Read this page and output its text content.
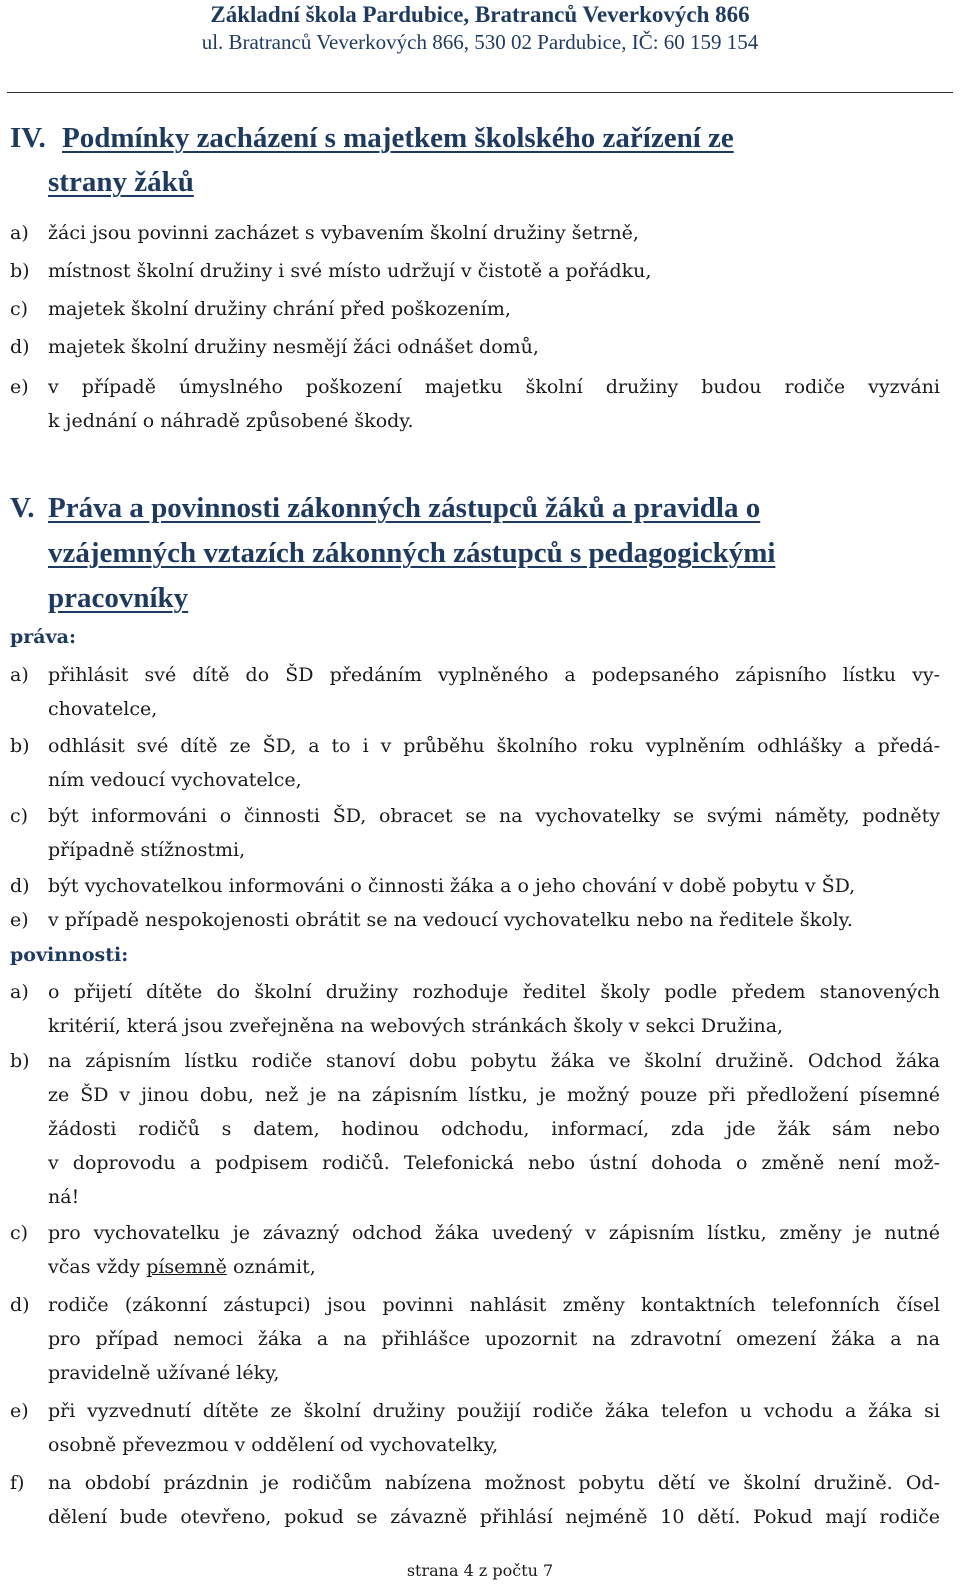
Základní škola Pardubice, Bratranců Veverkových 866
ul. Bratranců Veverkových 866, 530 02 Pardubice, IČ: 60 159 154
IV. Podmínky zacházení s majetkem školského zařízení ze
strany žáků
a) žáci jsou povinni zacházet s vybavením školní družiny šetrně,
b) místnost školní družiny i své místo udržují v čistotě a pořádku,
c) majetek školní družiny chrání před poškozením,
d) majetek školní družiny nesmějí žáci odnášet domů,
e) v případě úmyslného poškození majetku školní družiny budou rodiče vyzváni
k jednání o náhradě způsobené škody.
V. Práva a povinnosti zákonných zástupců žáků a pravidla o
vzájemných vztazích zákonných zástupců s pedagogickými
pracovníky
práva:
a) přihlásit své dítě do ŠD předáním vyplněného a podepsaného zápisního lístku vy-
chovatelce,
b) odhlásit své dítě ze ŠD, a to i v průběhu školního roku vyplněním odhlášky a předá-
ním vedoucí vychovatelce,
c) být informováni o činnosti ŠD, obracet se na vychovatelky se svými náměty, podněty
případně stížnostmi,
d) být vychovatelkou informováni o činnosti žáka a o jeho chování v době pobytu v ŠD,
e) v případě nespokojenosti obrátit se na vedoucí vychovatelku nebo na ředitele školy.
povinnosti:
a) o přijetí dítěte do školní družiny rozhoduje ředitel školy podle předem stanovených
kritérií, která jsou zveřejněna na webových stránkách školy v sekci Družina,
b) na zápisním lístku rodiče stanoví dobu pobytu žáka ve školní družině. Odchod žáka
ze ŠD v jinou dobu, než je na zápisním lístku, je možný pouze při předložení písemné
žádosti rodičů s datem, hodinou odchodu, informací, zda jde žák sám nebo
v doprovodu a podpisem rodičů. Telefonická nebo ústní dohoda o změně není mož-
ná!
c) pro vychovatelku je závazný odchod žáka uvedený v zápisním lístku, změny je nutné
včas vždy písemně oznámit,
d) rodiče (zákonní zástupci) jsou povinni nahlásit změny kontaktních telefonních čísel
pro případ nemoci žáka a na přihlášce upozornit na zdravotní omezení žáka a na
pravidelně užívané léky,
e) při vyzvednutí dítěte ze školní družiny použijí rodiče žáka telefon u vchodu a žáka si
osobně převezmou v oddělení od vychovatelky,
f) na období prázdnin je rodičům nabízena možnost pobytu dětí ve školní družině. Od-
dělení bude otevřeno, pokud se závazně přihlásí nejméně 10 dětí. Pokud mají rodiče
strana 4 z počtu 7
